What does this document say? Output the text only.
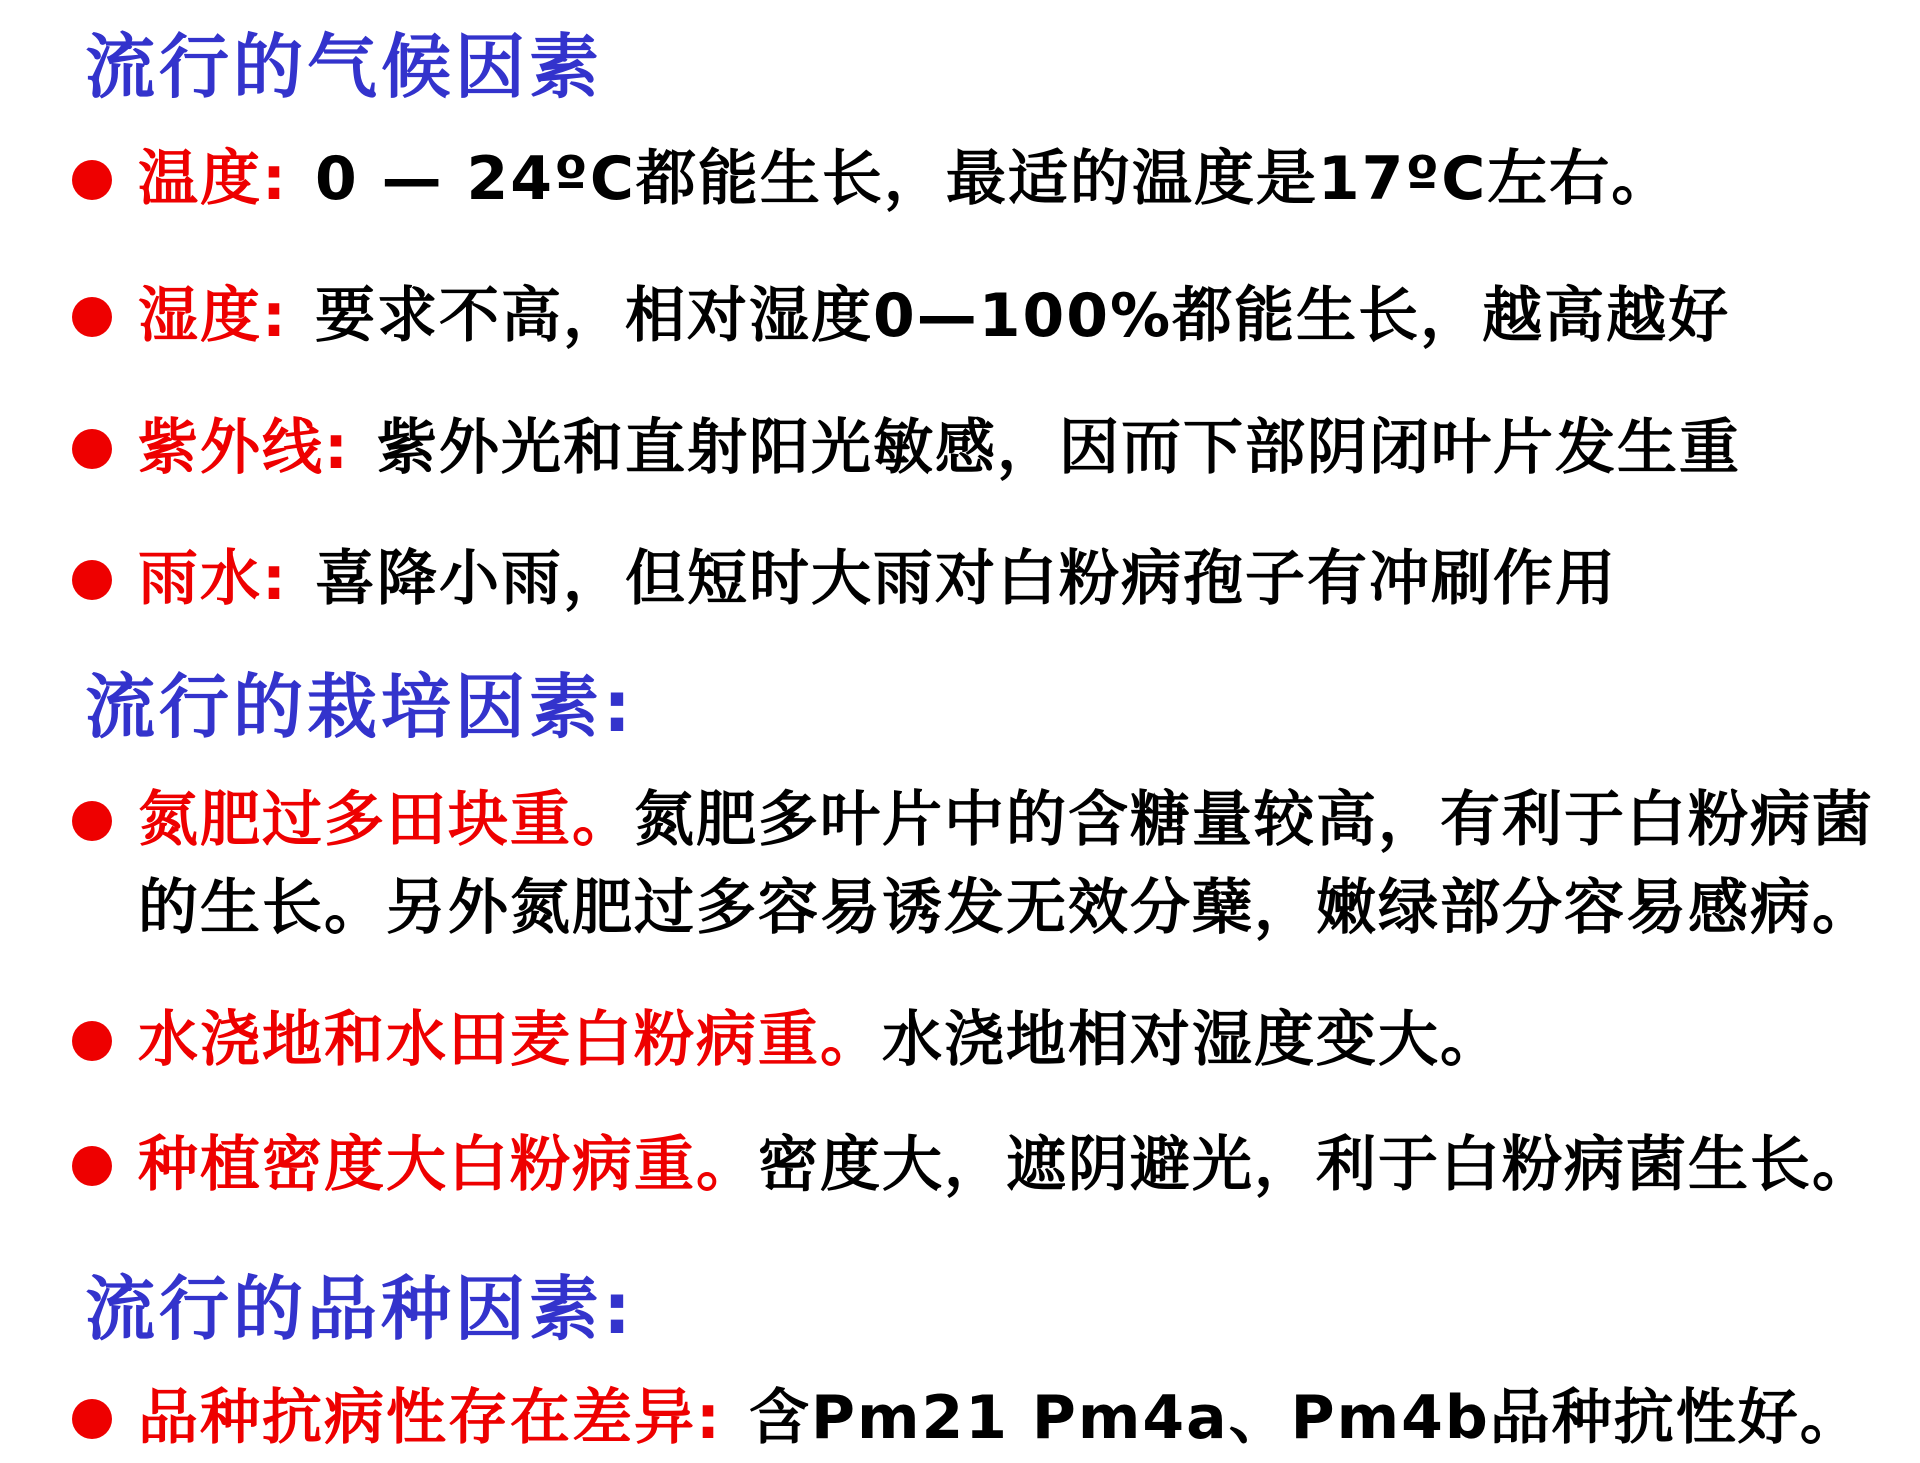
流行的气候因素

温度: 0 — 24ºC都能生长，最适的温度是17ºC左右。

湿度: 要求不高，相对湿度0—100%都能生长，越高越好

紫外线: 紫外光和直射阳光敏感，因而下部阴闭叶片发生重

雨水: 喜降小雨，但短时大雨对白粉病孢子有冲刷作用

流行的栽培因素:

氮肥过多田块重。氮肥多叶片中的含糖量较高，有利于白粉病菌的生长。另外氮肥过多容易诱发无效分蘖，嫩绿部分容易感病。

水浇地和水田麦白粉病重。水浇地相对湿度变大。

种植密度大白粉病重。密度大，遮阴避光，利于白粉病菌生长。

流行的品种因素:

品种抗病性存在差异: 含Pm21 Pm4a、Pm4b品种抗性好。
